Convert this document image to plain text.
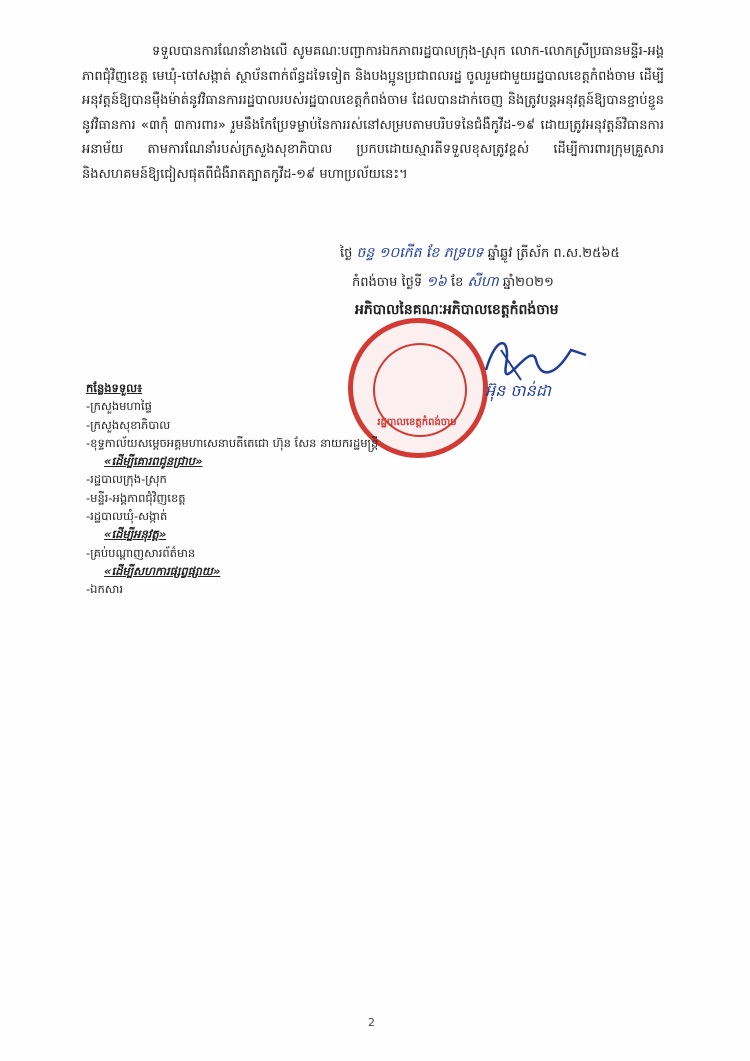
ទទួលបានការណែនាំខាងលើ សូមគណៈបញ្ជាការឯកភាពរដ្ឋបាលក្រុង-ស្រុក លោក-លោកស្រីប្រធានមន្ទីរ-អង្គភាពជុំវិញខេត្ត មេឃុំ-ចៅសង្កាត់ ស្ថាប័នពាក់ព័ន្ធដទៃទៀត និងបងប្អូនប្រជាពលរដ្ឋ ចូលរួមជាមួយរដ្ឋបាលខេត្តកំពង់ចាម ដើម្បីអនុវត្តន៍ឱ្យបានម៉ឺងម៉ាត់នូវវិធានការរដ្ឋបាលរបស់រដ្ឋបាលខេត្តកំពង់ចាម ដែលបានដាក់ចេញ និងត្រូវបន្តអនុវត្តន៍ឱ្យបានខ្ជាប់ខ្ជួននូវវិធានការ «៣កុំ ៣ការពារ» រួមនឹងកែប្រែទម្លាប់នៃការរស់នៅសម្របតាមបរិបទនៃជំងឺកូវីដ-១៩ ដោយត្រូវអនុវត្តន៍វិធានការអនាម័យ តាមការណែនាំរបស់ក្រសួងសុខាភិបាល ប្រកបដោយស្មារតីទទួលខុសត្រូវខ្ពស់ ដើម្បីការពារក្រុមគ្រួសារ និងសហគមន៍ឱ្យជៀសផុតពីជំងឺរាតត្បាតកូវីដ-១៩ មហាប្រល័យនេះ។
ថ្ងៃ ចន្ទ ១០កើត ខែ ភទ្របទ ឆ្នាំឆ្លូវ ត្រីស័ក ព.ស.២៥៦៥
កំពង់ចាម ថ្ងៃទី ១៦ ខែ សីហា ឆ្នាំ២០២១
អភិបាលនៃគណៈអភិបាលខេត្តកំពង់ចាម
រដ្ឋបាលខេត្តកំពង់ចាម
អ៊ុន ចាន់ដា
កន្លែងទទួល៖
-ក្រសួងមហាផ្ទៃ
-ក្រសួងសុខាភិបាល
-ខុទ្ទកាល័យសម្តេចអគ្គមហាសេនាបតីតេជោ ហ៊ុន សែន នាយករដ្ឋមន្ត្រី
«ដើម្បីគោរពជូនជ្រាប»
-រដ្ឋបាលក្រុង-ស្រុក
-មន្ទីរ-អង្គភាពជុំវិញខេត្ត
-រដ្ឋបាលឃុំ-សង្កាត់
«ដើម្បីអនុវត្ត»
-គ្រប់បណ្តាញសារព័ត៌មាន
«ដើម្បីសហការផ្សព្វផ្សាយ»
-ឯកសារ
2
